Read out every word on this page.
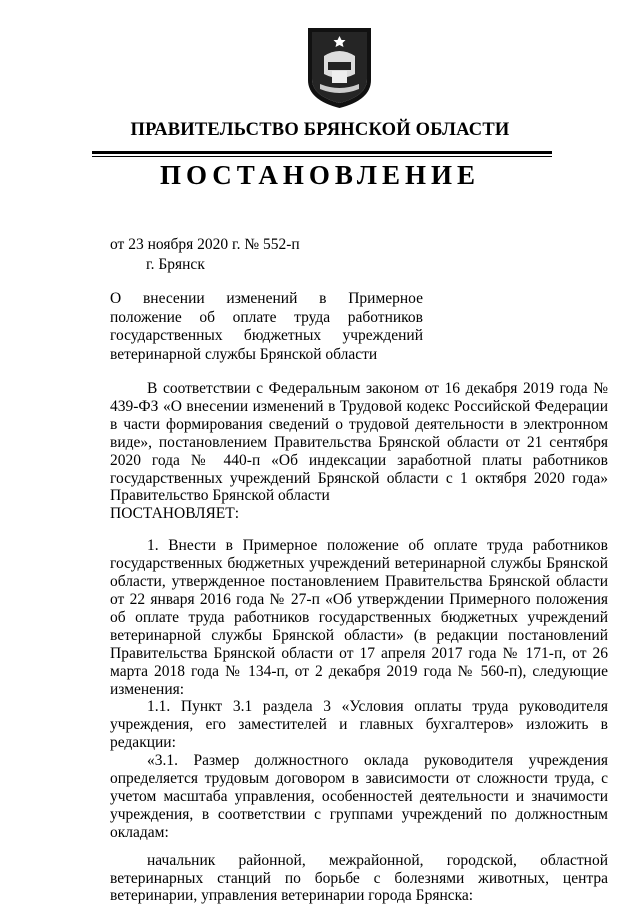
ПРАВИТЕЛЬСТВО БРЯНСКОЙ ОБЛАСТИ
ПОСТАНОВЛЕНИЕ
от 23 ноября 2020 г. № 552-п
г. Брянск
О внесении изменений в Примерное положение об оплате труда работников государственных бюджетных учреждений ветеринарной службы Брянской области

В соответствии с Федеральным законом от 16 декабря 2019 года № 439-ФЗ «О внесении изменений в Трудовой кодекс Российской Федерации в части формирования сведений о трудовой деятельности в электронном виде», постановлением Правительства Брянской области от 21 сентября 2020 года № 440-п «Об индексации заработной платы работников государственных учреждений Брянской области с 1 октября 2020 года» Правительство Брянской области

ПОСТАНОВЛЯЕТ:

1. Внести в Примерное положение об оплате труда работников государственных бюджетных учреждений ветеринарной службы Брянской области, утвержденное постановлением Правительства Брянской области от 22 января 2016 года № 27-п «Об утверждении Примерного положения об оплате труда работников государственных бюджетных учреждений ветеринарной службы Брянской области» (в редакции постановлений Правительства Брянской области от 17 апреля 2017 года № 171-п, от 26 марта 2018 года № 134-п, от 2 декабря 2019 года № 560-п), следующие изменения:

1.1. Пункт 3.1 раздела 3 «Условия оплаты труда руководителя учреждения, его заместителей и главных бухгалтеров» изложить в редакции:

«3.1. Размер должностного оклада руководителя учреждения определяется трудовым договором в зависимости от сложности труда, с учетом масштаба управления, особенностей деятельности и значимости учреждения, в соответствии с группами учреждений по должностным окладам:

начальник районной, межрайонной, городской, областной ветеринарных станций по борьбе с болезнями животных, центра ветеринарии, управления ветеринарии города Брянска:
